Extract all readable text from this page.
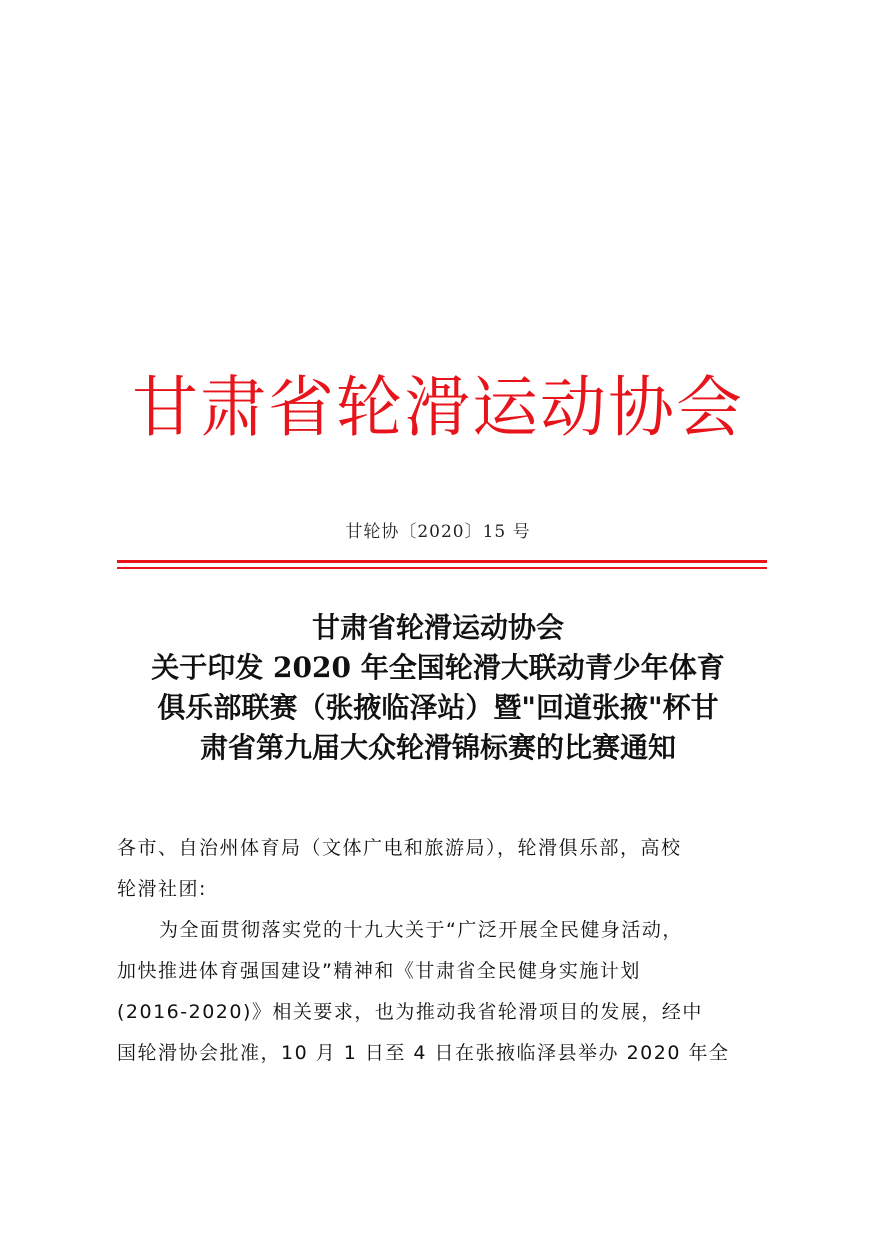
甘肃省轮滑运动协会
甘轮协〔2020〕15 号
甘肃省轮滑运动协会
关于印发 2020 年全国轮滑大联动青少年体育
俱乐部联赛（张掖临泽站）暨"回道张掖"杯甘
肃省第九届大众轮滑锦标赛的比赛通知

各市、自治州体育局（文体广电和旅游局），轮滑俱乐部，高校
轮滑社团:

为全面贯彻落实党的十九大关于“广泛开展全民健身活动，
加快推进体育强国建设”精神和《甘肃省全民健身实施计划
(2016-2020)》相关要求，也为推动我省轮滑项目的发展，经中
国轮滑协会批准，10 月 1 日至 4 日在张掖临泽县举办 2020 年全
